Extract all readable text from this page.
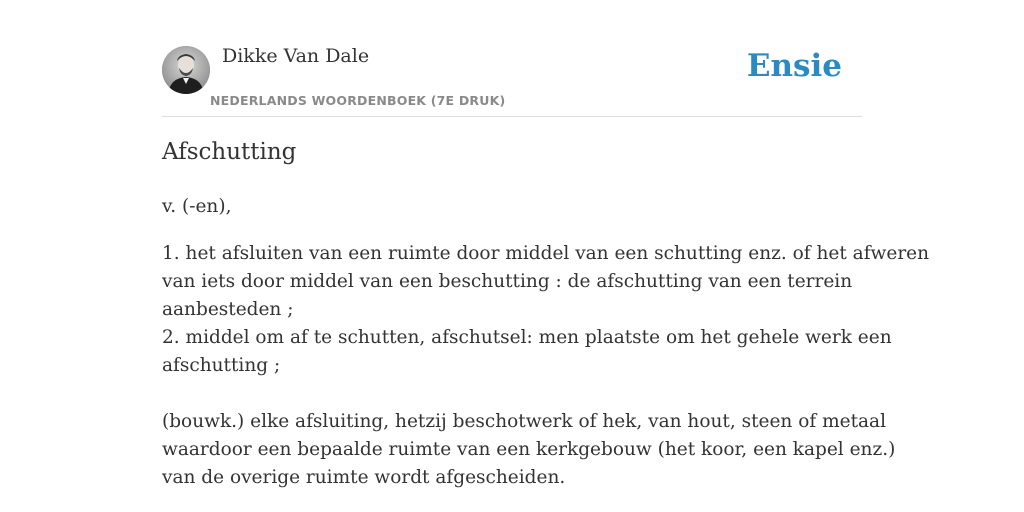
Dikke Van Dale
NEDERLANDS WOORDENBOEK (7E DRUK)
Ensie
Afschutting
v. (-en),
1. het afsluiten van een ruimte door middel van een schutting enz. of het afweren
van iets door middel van een beschutting : de afschutting van een terrein
aanbesteden ;
2. middel om af te schutten, afschutsel: men plaatste om het gehele werk een
afschutting ;
(bouwk.) elke afsluiting, hetzij beschotwerk of hek, van hout, steen of metaal
waardoor een bepaalde ruimte van een kerkgebouw (het koor, een kapel enz.)
van de overige ruimte wordt afgescheiden.
